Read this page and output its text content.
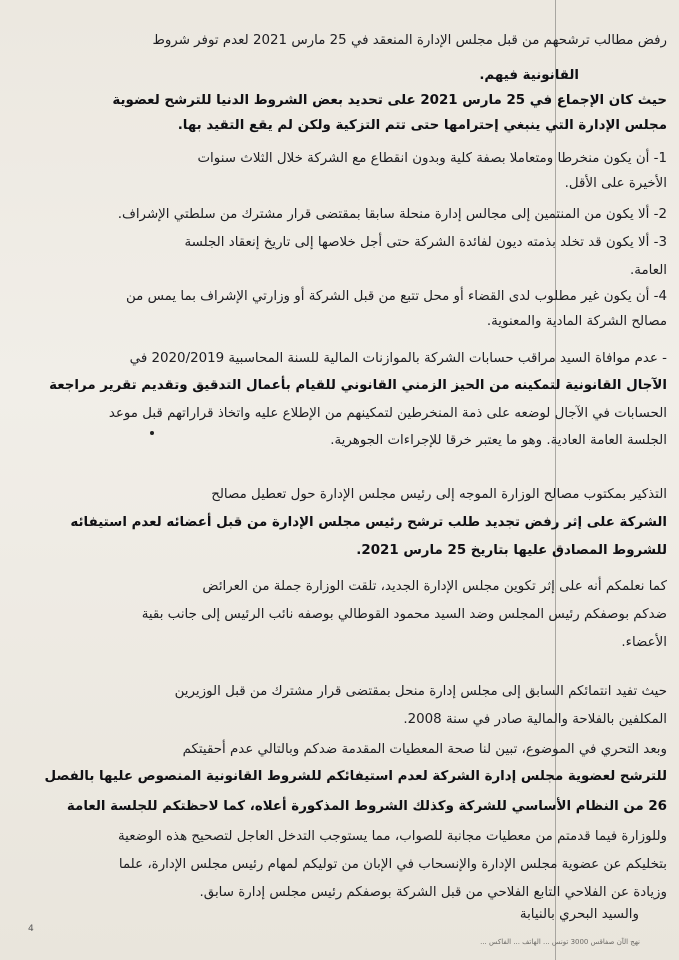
رفض مطالب ترشحهم من قبل مجلس الإدارة المنعقد في 25 مارس 2021 لعدم توفر شروط
القانونية فيهم.
حيث كان الإجماع في 25 مارس 2021 على تحديد بعض الشروط الدنيا للترشح لعضوية
مجلس الإدارة التي ينبغي إحترامها حتى تتم التزكية ولكن لم يقع التقيد بها.
1- أن يكون منخرطا ومتعاملا بصفة كلية وبدون انقطاع مع الشركة خلال الثلاث سنوات
الأخيرة على الأقل.
2- ألا يكون من المنتمين إلى مجالس إدارة منحلة سابقا بمقتضى قرار مشترك من سلطتي الإشراف.
3- ألا يكون قد تخلد بذمته ديون لفائدة الشركة حتى أجل خلاصها إلى تاريخ إنعقاد الجلسة
العامة.
4- أن يكون غير مطلوب لدى القضاء أو محل تتبع من قبل الشركة أو وزارتي الإشراف بما يمس من
مصالح الشركة المادية والمعنوية.
- عدم موافاة السيد مراقب حسابات الشركة بالموازنات المالية للسنة المحاسبية 2020/2019 في
الآجال القانونية لتمكينه من الحيز الزمني القانوني للقيام بأعمال التدقيق وتقديم تقرير مراجعة
الحسابات في الآجال لوضعه على ذمة المنخرطين لتمكينهم من الإطلاع عليه واتخاذ قراراتهم قبل موعد
الجلسة العامة العادية. وهو ما يعتبر خرقا للإجراءات الجوهرية.
التذكير بمكتوب مصالح الوزارة الموجه إلى رئيس مجلس الإدارة حول تعطيل مصالح
الشركة على إثر رفض تجديد طلب ترشح رئيس مجلس الإدارة من قبل أعضائه لعدم استيفائه
للشروط المصادق عليها بتاريخ 25 مارس 2021.
كما نعلمكم أنه على إثر تكوين مجلس الإدارة الجديد، تلقت الوزارة جملة من العرائض
ضدكم بوصفكم رئيس المجلس وضد السيد محمود القوطالي بوصفه نائب الرئيس إلى جانب بقية
الأعضاء.
حيث تفيد انتمائكم السابق إلى مجلس إدارة منحل بمقتضى قرار مشترك من قبل الوزيرين
المكلفين بالفلاحة والمالية صادر في سنة 2008.
وبعد التحري في الموضوع، تبين لنا صحة المعطيات المقدمة ضدكم وبالتالي عدم أحقيتكم
للترشح لعضوية مجلس إدارة الشركة لعدم استيفائكم للشروط القانونية المنصوص عليها بالفصل
26 من النظام الأساسي للشركة وكذلك الشروط المذكورة أعلاه، كما لاحظتكم للجلسة العامة
وللوزارة فيما قدمتم من معطيات مجانبة للصواب، مما يستوجب التدخل العاجل لتصحيح هذه الوضعية
بتخليكم عن عضوية مجلس الإدارة والإنسحاب في الإبان من توليكم لمهام رئيس مجلس الإدارة، علما
وزيادة عن الفلاحي التابع الفلاحي من قبل الشركة بوصفكم رئيس مجلس إدارة سابق.
والسيد البحري بالنيابة
4
نهج الآن صفاقس 3000 تونس ... الهاتف ... الفاكس ...
